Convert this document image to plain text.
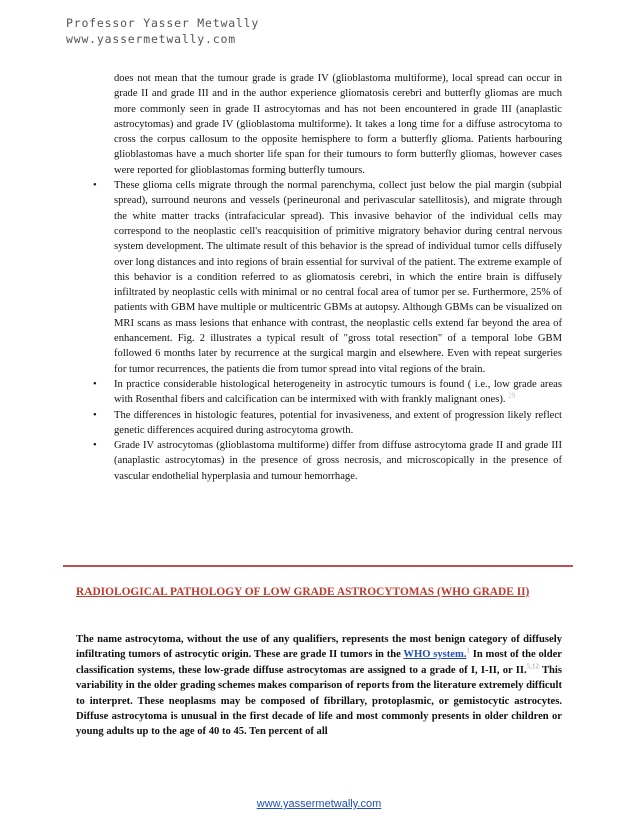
Professor Yasser Metwally
www.yassermetwally.com
does not mean that the tumour grade is grade IV (glioblastoma multiforme), local spread can occur in grade II and grade III and in the author experience gliomatosis cerebri and butterfly gliomas are much more commonly seen in grade II astrocytomas and has not been encountered in grade III (anaplastic astrocytomas) and grade IV (glioblastoma multiforme). It takes a long time for a diffuse astrocytoma to cross the corpus callosum to the opposite hemisphere to form a butterfly glioma. Patients harbouring glioblastomas have a much shorter life span for their tumours to form butterfly gliomas, however cases were reported for glioblastomas forming butterfly tumours.
• These glioma cells migrate through the normal parenchyma, collect just below the pial margin (subpial spread), surround neurons and vessels (perineuronal and perivascular satellitosis), and migrate through the white matter tracks (intrafacicular spread). This invasive behavior of the individual cells may correspond to the neoplastic cell's reacquisition of primitive migratory behavior during central nervous system development. The ultimate result of this behavior is the spread of individual tumor cells diffusely over long distances and into regions of brain essential for survival of the patient. The extreme example of this behavior is a condition referred to as gliomatosis cerebri, in which the entire brain is diffusely infiltrated by neoplastic cells with minimal or no central focal area of tumor per se. Furthermore, 25% of patients with GBM have multiple or multicentric GBMs at autopsy. Although GBMs can be visualized on MRI scans as mass lesions that enhance with contrast, the neoplastic cells extend far beyond the area of enhancement. Fig. 2 illustrates a typical result of "gross total resection" of a temporal lobe GBM followed 6 months later by recurrence at the surgical margin and elsewhere. Even with repeat surgeries for tumor recurrences, the patients die from tumor spread into vital regions of the brain.
• In practice considerable histological heterogeneity in astrocytic tumours is found ( i.e., low grade areas with Rosenthal fibers and calcification can be intermixed with with frankly malignant ones). $^{29}$
• The differences in histologic features, potential for invasiveness, and extent of progression likely reflect genetic differences acquired during astrocytoma growth.
• Grade IV astrocytomas (glioblastoma multiforme) differ from diffuse astrocytoma grade II and grade III (anaplastic astrocytomas) in the presence of gross necrosis, and microscopically in the presence of vascular endothelial hyperplasia and tumour hemorrhage.
RADIOLOGICAL PATHOLOGY OF LOW GRADE ASTROCYTOMAS (WHO GRADE II)
The name astrocytoma, without the use of any qualifiers, represents the most benign category of diffusely infiltrating tumors of astrocytic origin. These are grade II tumors in the WHO system.$^1$ In most of the older classification systems, these low-grade diffuse astrocytomas are assigned to a grade of I, I-II, or II.$^{5,12}$ This variability in the older grading schemes makes comparison of reports from the literature extremely difficult to interpret. These neoplasms may be composed of fibrillary, protoplasmic, or gemistocytic astrocytes. Diffuse astrocytoma is unusual in the first decade of life and most commonly presents in older children or young adults up to the age of 40 to 45. Ten percent of all
www.yassermetwally.com
